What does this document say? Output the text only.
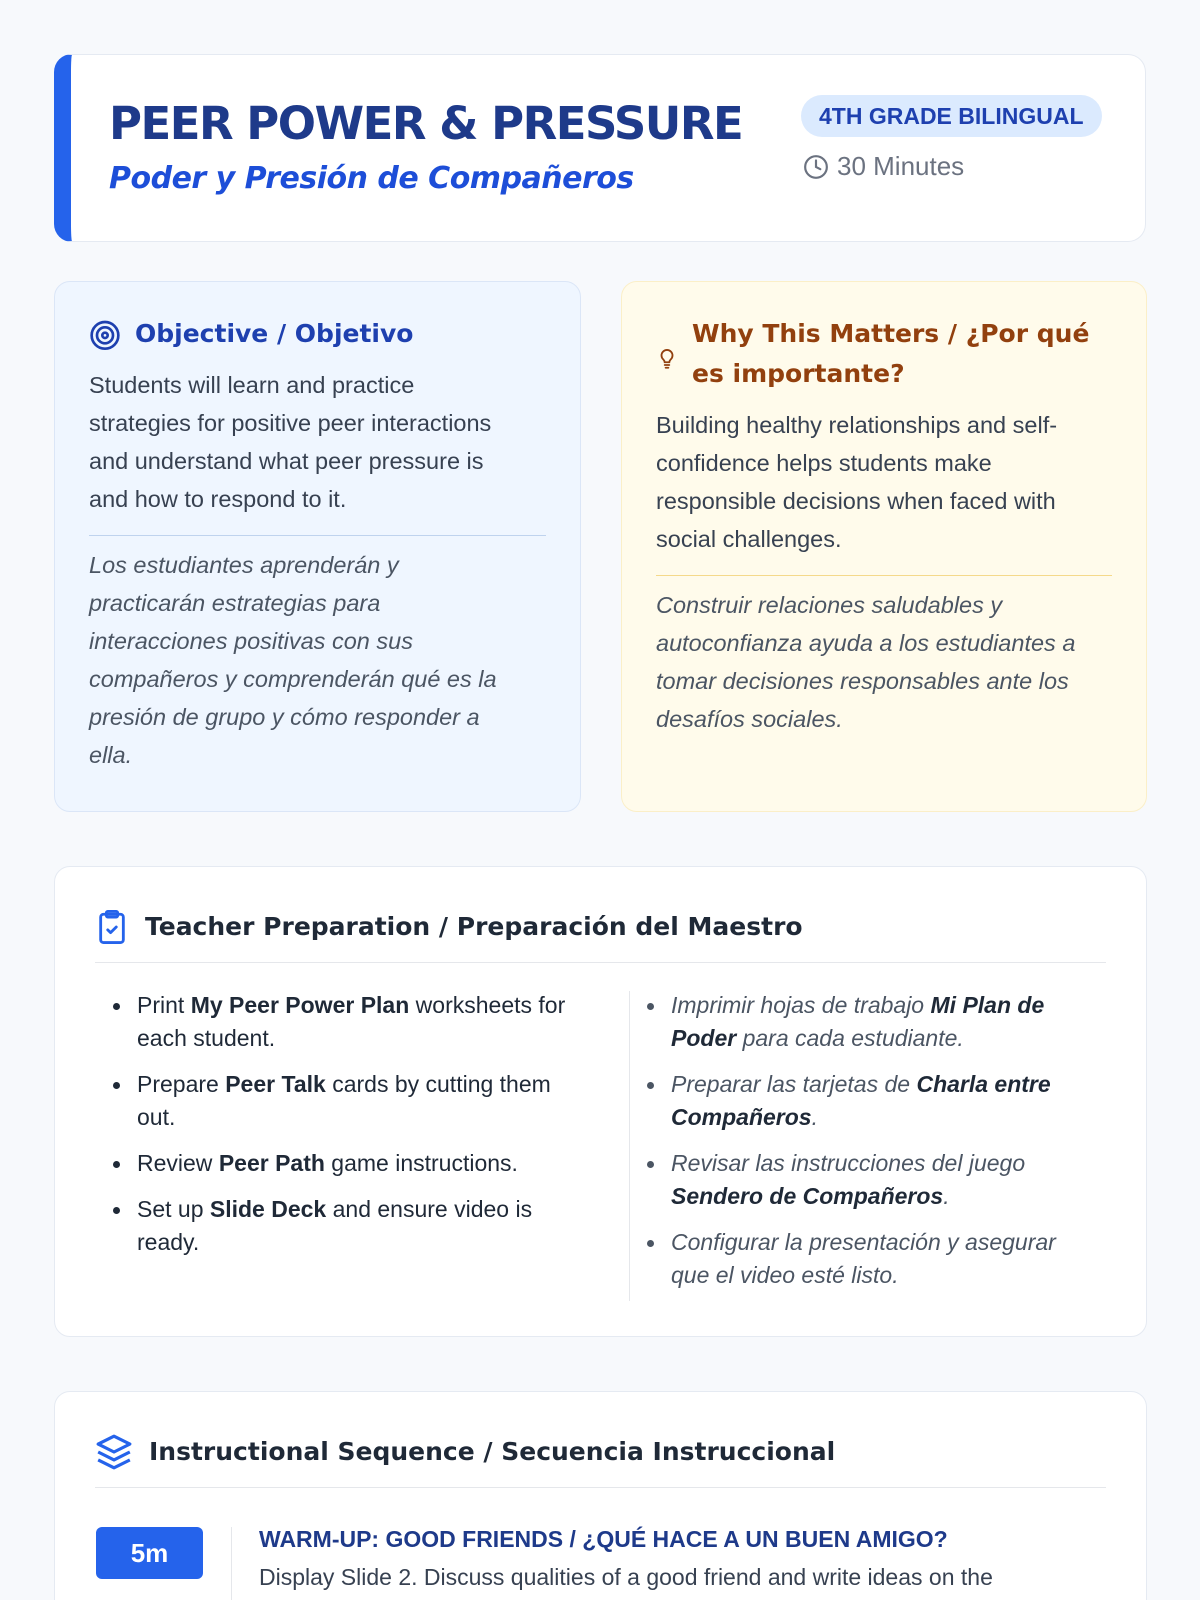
PEER POWER & PRESSURE
Poder y Presión de Compañeros
4TH GRADE BILINGUAL
30 Minutes
Objective / Objetivo
Students will learn and practice
strategies for positive peer interactions
and understand what peer pressure is
and how to respond to it.
Los estudiantes aprenderán y
practicarán estrategias para
interacciones positivas con sus
compañeros y comprenderán qué es la
presión de grupo y cómo responder a
ella.
Why This Matters / ¿Por qué
es importante?
Building healthy relationships and self-
confidence helps students make
responsible decisions when faced with
social challenges.
Construir relaciones saludables y
autoconfianza ayuda a los estudiantes a
tomar decisiones responsables ante los
desafíos sociales.
Teacher Preparation / Preparación del Maestro
Print My Peer Power Plan worksheets for each student.
Prepare Peer Talk cards by cutting them out.
Review Peer Path game instructions.
Set up Slide Deck and ensure video is ready.
Imprimir hojas de trabajo Mi Plan de Poder para cada estudiante.
Preparar las tarjetas de Charla entre Compañeros.
Revisar las instrucciones del juego Sendero de Compañeros.
Configurar la presentación y asegurar que el video esté listo.
Instructional Sequence / Secuencia Instruccional
5m	WARM-UP: GOOD FRIENDS / ¿QUÉ HACE A UN BUEN AMIGO?
Display Slide 2. Discuss qualities of a good friend and write ideas on the
